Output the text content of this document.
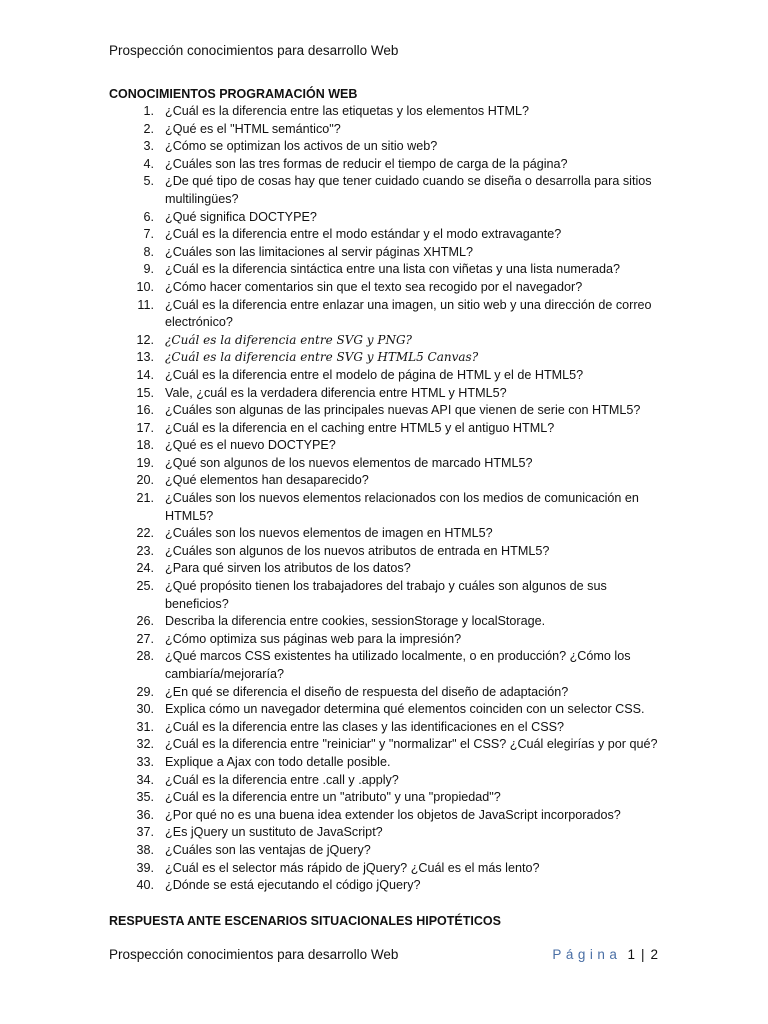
Prospección conocimientos para desarrollo Web
CONOCIMIENTOS PROGRAMACIÓN WEB
1. ¿Cuál es la diferencia entre las etiquetas y los elementos HTML?
2. ¿Qué es el "HTML semántico"?
3. ¿Cómo se optimizan los activos de un sitio web?
4. ¿Cuáles son las tres formas de reducir el tiempo de carga de la página?
5. ¿De qué tipo de cosas hay que tener cuidado cuando se diseña o desarrolla para sitios multilingües?
6. ¿Qué significa DOCTYPE?
7. ¿Cuál es la diferencia entre el modo estándar y el modo extravagante?
8. ¿Cuáles son las limitaciones al servir páginas XHTML?
9. ¿Cuál es la diferencia sintáctica entre una lista con viñetas y una lista numerada?
10. ¿Cómo hacer comentarios sin que el texto sea recogido por el navegador?
11. ¿Cuál es la diferencia entre enlazar una imagen, un sitio web y una dirección de correo electrónico?
12. ¿Cuál es la diferencia entre SVG y PNG?
13. ¿Cuál es la diferencia entre SVG y HTML5 Canvas?
14. ¿Cuál es la diferencia entre el modelo de página de HTML y el de HTML5?
15. Vale, ¿cuál es la verdadera diferencia entre HTML y HTML5?
16. ¿Cuáles son algunas de las principales nuevas API que vienen de serie con HTML5?
17. ¿Cuál es la diferencia en el caching entre HTML5 y el antiguo HTML?
18. ¿Qué es el nuevo DOCTYPE?
19. ¿Qué son algunos de los nuevos elementos de marcado HTML5?
20. ¿Qué elementos han desaparecido?
21. ¿Cuáles son los nuevos elementos relacionados con los medios de comunicación en HTML5?
22. ¿Cuáles son los nuevos elementos de imagen en HTML5?
23. ¿Cuáles son algunos de los nuevos atributos de entrada en HTML5?
24. ¿Para qué sirven los atributos de los datos?
25. ¿Qué propósito tienen los trabajadores del trabajo y cuáles son algunos de sus beneficios?
26. Describa la diferencia entre cookies, sessionStorage y localStorage.
27. ¿Cómo optimiza sus páginas web para la impresión?
28. ¿Qué marcos CSS existentes ha utilizado localmente, o en producción? ¿Cómo los cambiaría/mejoraría?
29. ¿En qué se diferencia el diseño de respuesta del diseño de adaptación?
30. Explica cómo un navegador determina qué elementos coinciden con un selector CSS.
31. ¿Cuál es la diferencia entre las clases y las identificaciones en el CSS?
32. ¿Cuál es la diferencia entre "reiniciar" y "normalizar" el CSS? ¿Cuál elegirías y por qué?
33. Explique a Ajax con todo detalle posible.
34. ¿Cuál es la diferencia entre .call y .apply?
35. ¿Cuál es la diferencia entre un "atributo" y una "propiedad"?
36. ¿Por qué no es una buena idea extender los objetos de JavaScript incorporados?
37. ¿Es jQuery un sustituto de JavaScript?
38. ¿Cuáles son las ventajas de jQuery?
39. ¿Cuál es el selector más rápido de jQuery? ¿Cuál es el más lento?
40. ¿Dónde se está ejecutando el código jQuery?
RESPUESTA ANTE ESCENARIOS SITUACIONALES HIPOTÉTICOS
Prospección conocimientos para desarrollo Web	Página 1 | 2
